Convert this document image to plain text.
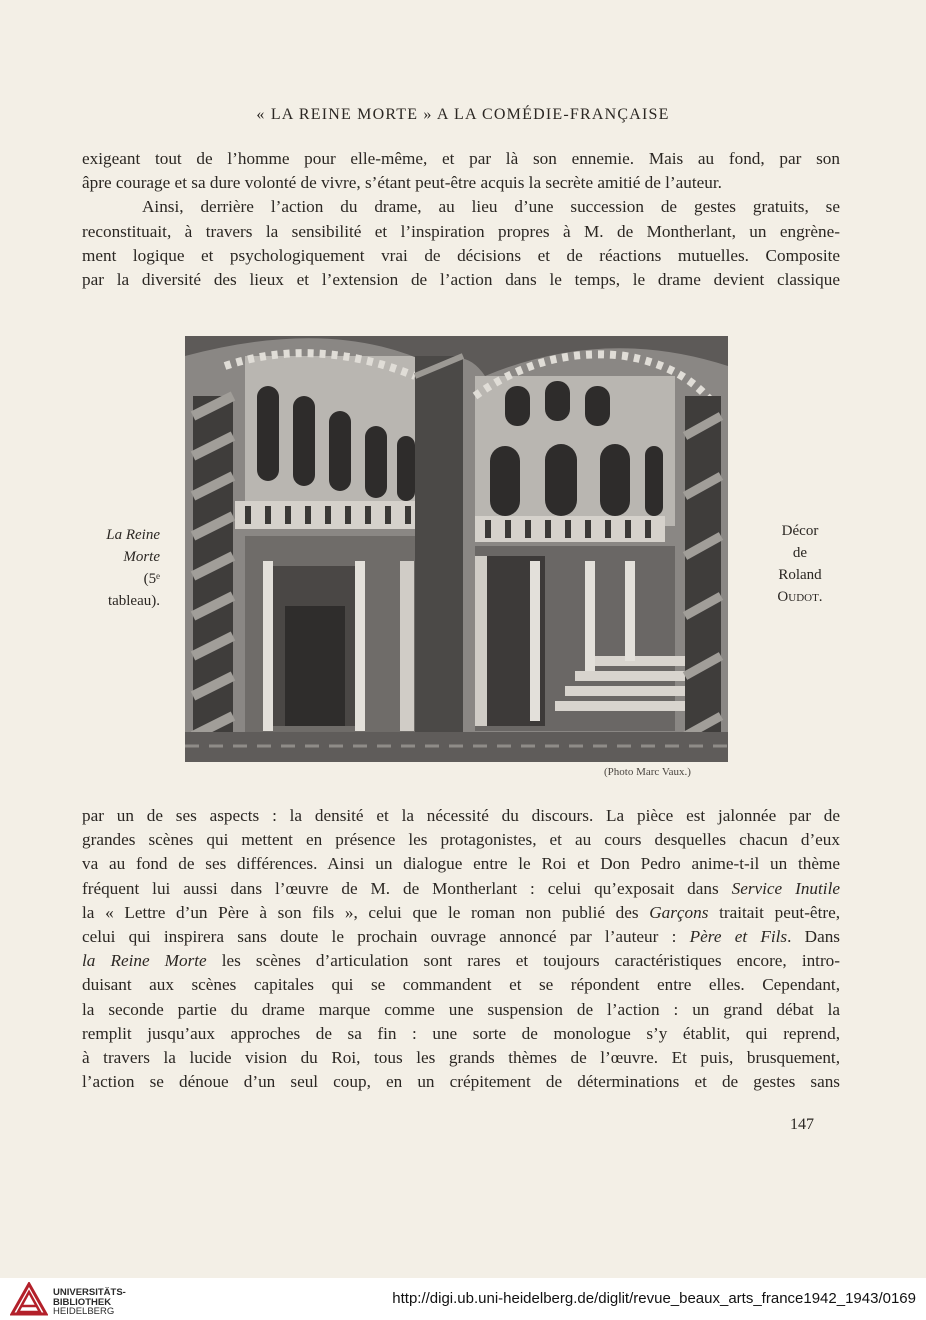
« LA REINE MORTE » A LA COMÉDIE-FRANÇAISE

exigeant tout de l’homme pour elle-même, et par là son ennemie. Mais au fond, par son
âpre courage et sa dure volonté de vivre, s’étant peut-être acquis la secrète amitié de l’auteur.
Ainsi, derrière l’action du drame, au lieu d’une succession de gestes gratuits, se
reconstituait, à travers la sensibilité et l’inspiration propres à M. de Montherlant, un engrène-
ment logique et psychologiquement vrai de décisions et de réactions mutuelles. Composite
par la diversité des lieux et l’extension de l’action dans le temps, le drame devient classique

La Reine
Morte
(5ᵉ
tableau).
(Photo Marc Vaux.)
Décor
de
Roland
Oudot.

par un de ses aspects : la densité et la nécessité du discours. La pièce est jalonnée par de
grandes scènes qui mettent en présence les protagonistes, et au cours desquelles chacun d’eux
va au fond de ses différences. Ainsi un dialogue entre le Roi et Don Pedro anime-t-il un thème
fréquent lui aussi dans l’œuvre de M. de Montherlant : celui qu’exposait dans Service Inutile
la « Lettre d’un Père à son fils », celui que le roman non publié des Garçons traitait peut-être,
celui qui inspirera sans doute le prochain ouvrage annoncé par l’auteur : Père et Fils. Dans
la Reine Morte les scènes d’articulation sont rares et toujours caractéristiques encore, intro-
duisant aux scènes capitales qui se commandent et se répondent entre elles. Cependant,
la seconde partie du drame marque comme une suspension de l’action : un grand débat la
remplit jusqu’aux approches de sa fin : une sorte de monologue s’y établit, qui reprend,
à travers la lucide vision du Roi, tous les grands thèmes de l’œuvre. Et puis, brusquement,
l’action se dénoue d’un seul coup, en un crépitement de déterminations et de gestes sans

147
UNIVERSITÄTS-
BIBLIOTHEK
HEIDELBERG
http://digi.ub.uni-heidelberg.de/diglit/revue_beaux_arts_france1942_1943/0169
